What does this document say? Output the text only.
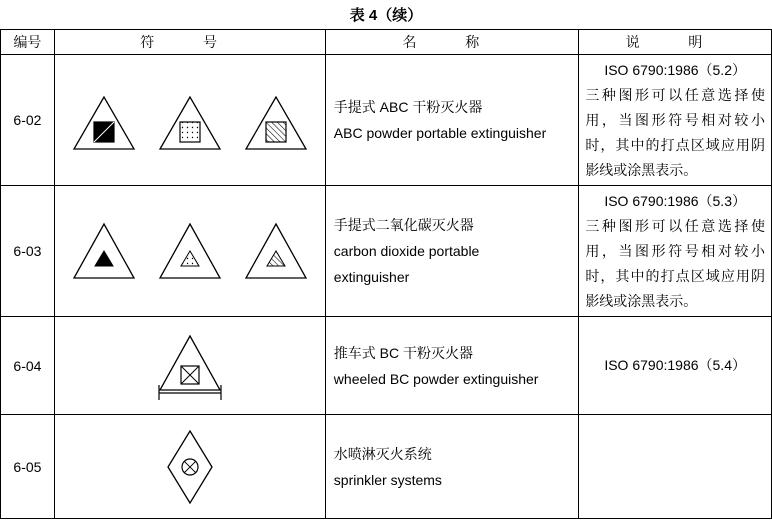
表 4（续）
编号	符 号	名 称	说 明
6-02		手提式 ABC 干粉灭火器
ABC powder portable extinguisher	ISO 6790:1986（5.2）
三种图形可以任意选择使用，当图形符号相对较小时，其中的打点区域应用阴影线或涂黑表示。
6-03		手提式二氧化碳灭火器
carbon dioxide portable
extinguisher	ISO 6790:1986（5.3）
三种图形可以任意选择使用，当图形符号相对较小时，其中的打点区域应用阴影线或涂黑表示。
6-04		推车式 BC 干粉灭火器
wheeled BC powder extinguisher	ISO 6790:1986（5.4）
6-05		水喷淋灭火系统
sprinkler systems	
